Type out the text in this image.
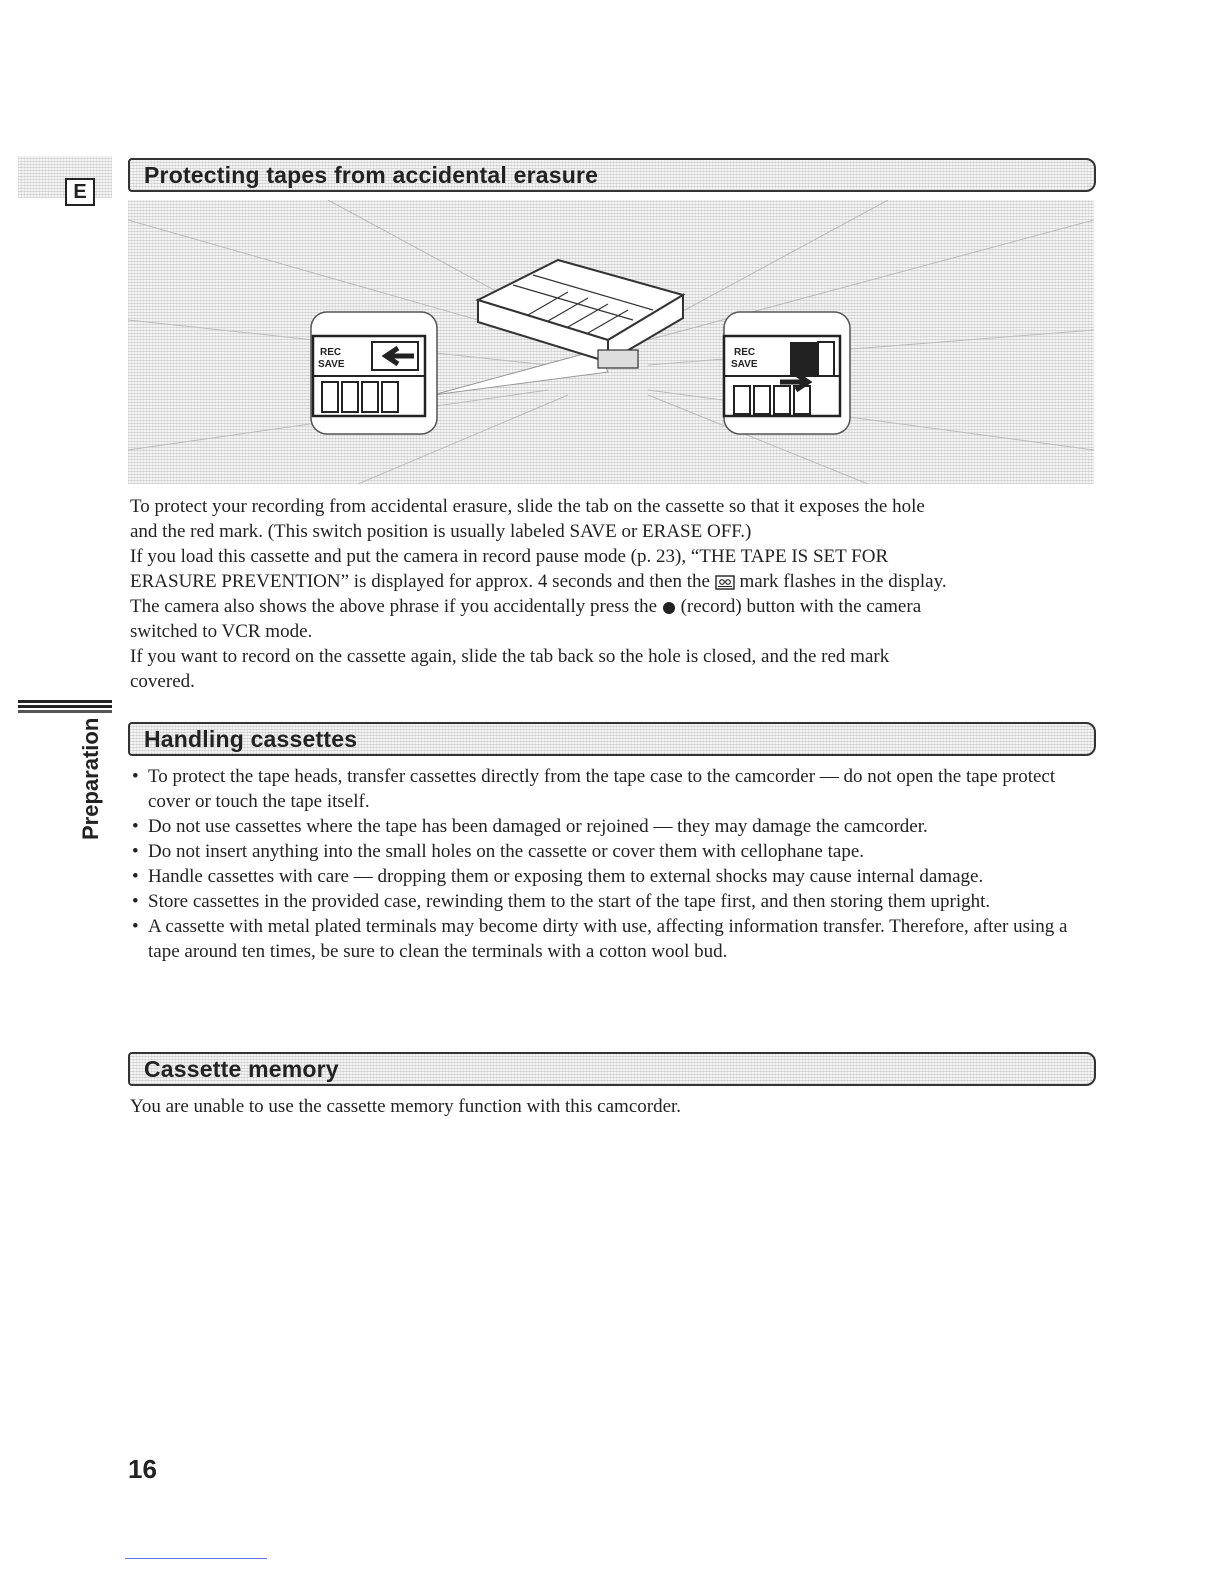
E
Protecting tapes from accidental erasure
REC
SAVE
REC
SAVE

To protect your recording from accidental erasure, slide the tab on the cassette so that it exposes the hole

and the red mark. (This switch position is usually labeled SAVE or ERASE OFF.)

If you load this cassette and put the camera in record pause mode (p. 23), “THE TAPE IS SET FOR

ERASURE PREVENTION” is displayed for approx. 4 seconds and then the mark flashes in the display.

The camera also shows the above phrase if you accidentally press the (record) button with the camera

switched to VCR mode.

If you want to record on the cassette again, slide the tab back so the hole is closed, and the red mark

covered.

Preparation Handling cassettes
• To protect the tape heads, transfer cassettes directly from the tape case to the camcorder — do not open the tape protect cover or touch the tape itself.
• Do not use cassettes where the tape has been damaged or rejoined — they may damage the camcorder.
• Do not insert anything into the small holes on the cassette or cover them with cellophane tape.
• Handle cassettes with care — dropping them or exposing them to external shocks may cause internal damage.
• Store cassettes in the provided case, rewinding them to the start of the tape first, and then storing them upright.
• A cassette with metal plated terminals may become dirty with use, affecting information transfer. Therefore, after using a tape around ten times, be sure to clean the terminals with a cotton wool bud.
Cassette memory

You are unable to use the cassette memory function with this camcorder.

16
